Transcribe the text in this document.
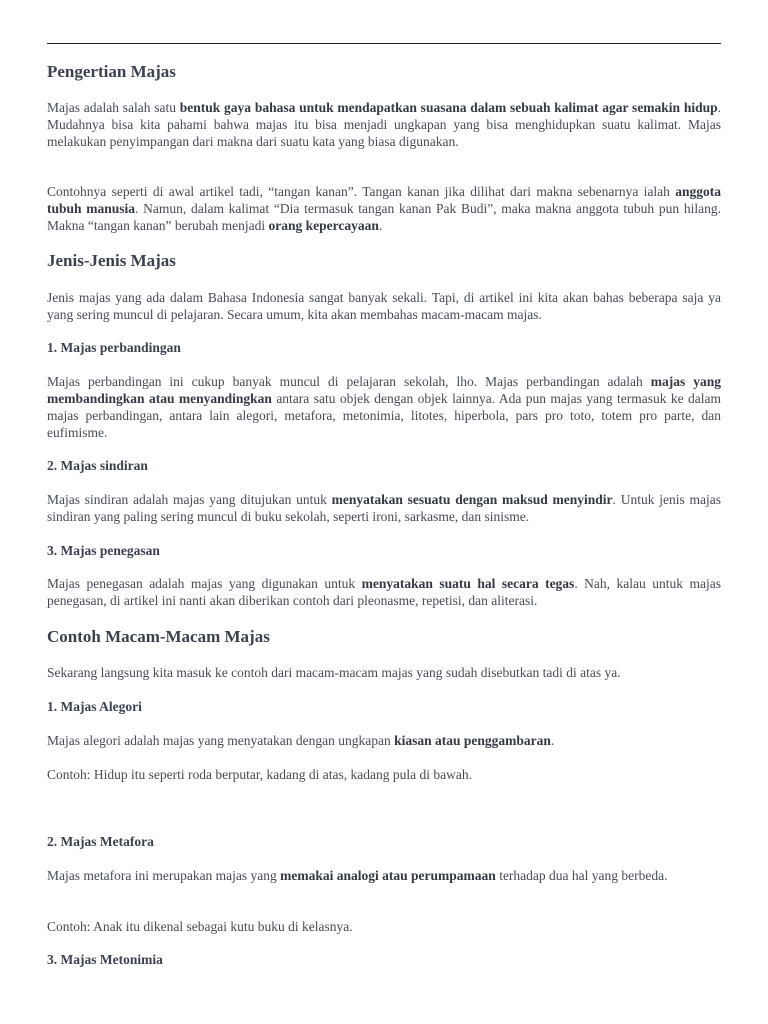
Pengertian Majas

Majas adalah salah satu bentuk gaya bahasa untuk mendapatkan suasana dalam sebuah kalimat agar semakin hidup. Mudahnya bisa kita pahami bahwa majas itu bisa menjadi ungkapan yang bisa menghidupkan suatu kalimat. Majas melakukan penyimpangan dari makna dari suatu kata yang biasa digunakan.

Contohnya seperti di awal artikel tadi, “tangan kanan”. Tangan kanan jika dilihat dari makna sebenarnya ialah anggota tubuh manusia. Namun, dalam kalimat “Dia termasuk tangan kanan Pak Budi”, maka makna anggota tubuh pun hilang. Makna “tangan kanan” berubah menjadi orang kepercayaan.

Jenis-Jenis Majas

Jenis majas yang ada dalam Bahasa Indonesia sangat banyak sekali. Tapi, di artikel ini kita akan bahas beberapa saja ya yang sering muncul di pelajaran. Secara umum, kita akan membahas macam-macam majas.

1. Majas perbandingan

Majas perbandingan ini cukup banyak muncul di pelajaran sekolah, lho. Majas perbandingan adalah majas yang membandingkan atau menyandingkan antara satu objek dengan objek lainnya. Ada pun majas yang termasuk ke dalam majas perbandingan, antara lain alegori, metafora, metonimia, litotes, hiperbola, pars pro toto, totem pro parte, dan eufimisme.

2. Majas sindiran

Majas sindiran adalah majas yang ditujukan untuk menyatakan sesuatu dengan maksud menyindir. Untuk jenis majas sindiran yang paling sering muncul di buku sekolah, seperti ironi, sarkasme, dan sinisme.

3. Majas penegasan

Majas penegasan adalah majas yang digunakan untuk menyatakan suatu hal secara tegas. Nah, kalau untuk majas penegasan, di artikel ini nanti akan diberikan contoh dari pleonasme, repetisi, dan aliterasi.

Contoh Macam-Macam Majas

Sekarang langsung kita masuk ke contoh dari macam-macam majas yang sudah disebutkan tadi di atas ya.

1. Majas Alegori

Majas alegori adalah majas yang menyatakan dengan ungkapan kiasan atau penggambaran.

Contoh: Hidup itu seperti roda berputar, kadang di atas, kadang pula di bawah.

2. Majas Metafora

Majas metafora ini merupakan majas yang memakai analogi atau perumpamaan terhadap dua hal yang berbeda.

Contoh: Anak itu dikenal sebagai kutu buku di kelasnya.

3. Majas Metonimia
